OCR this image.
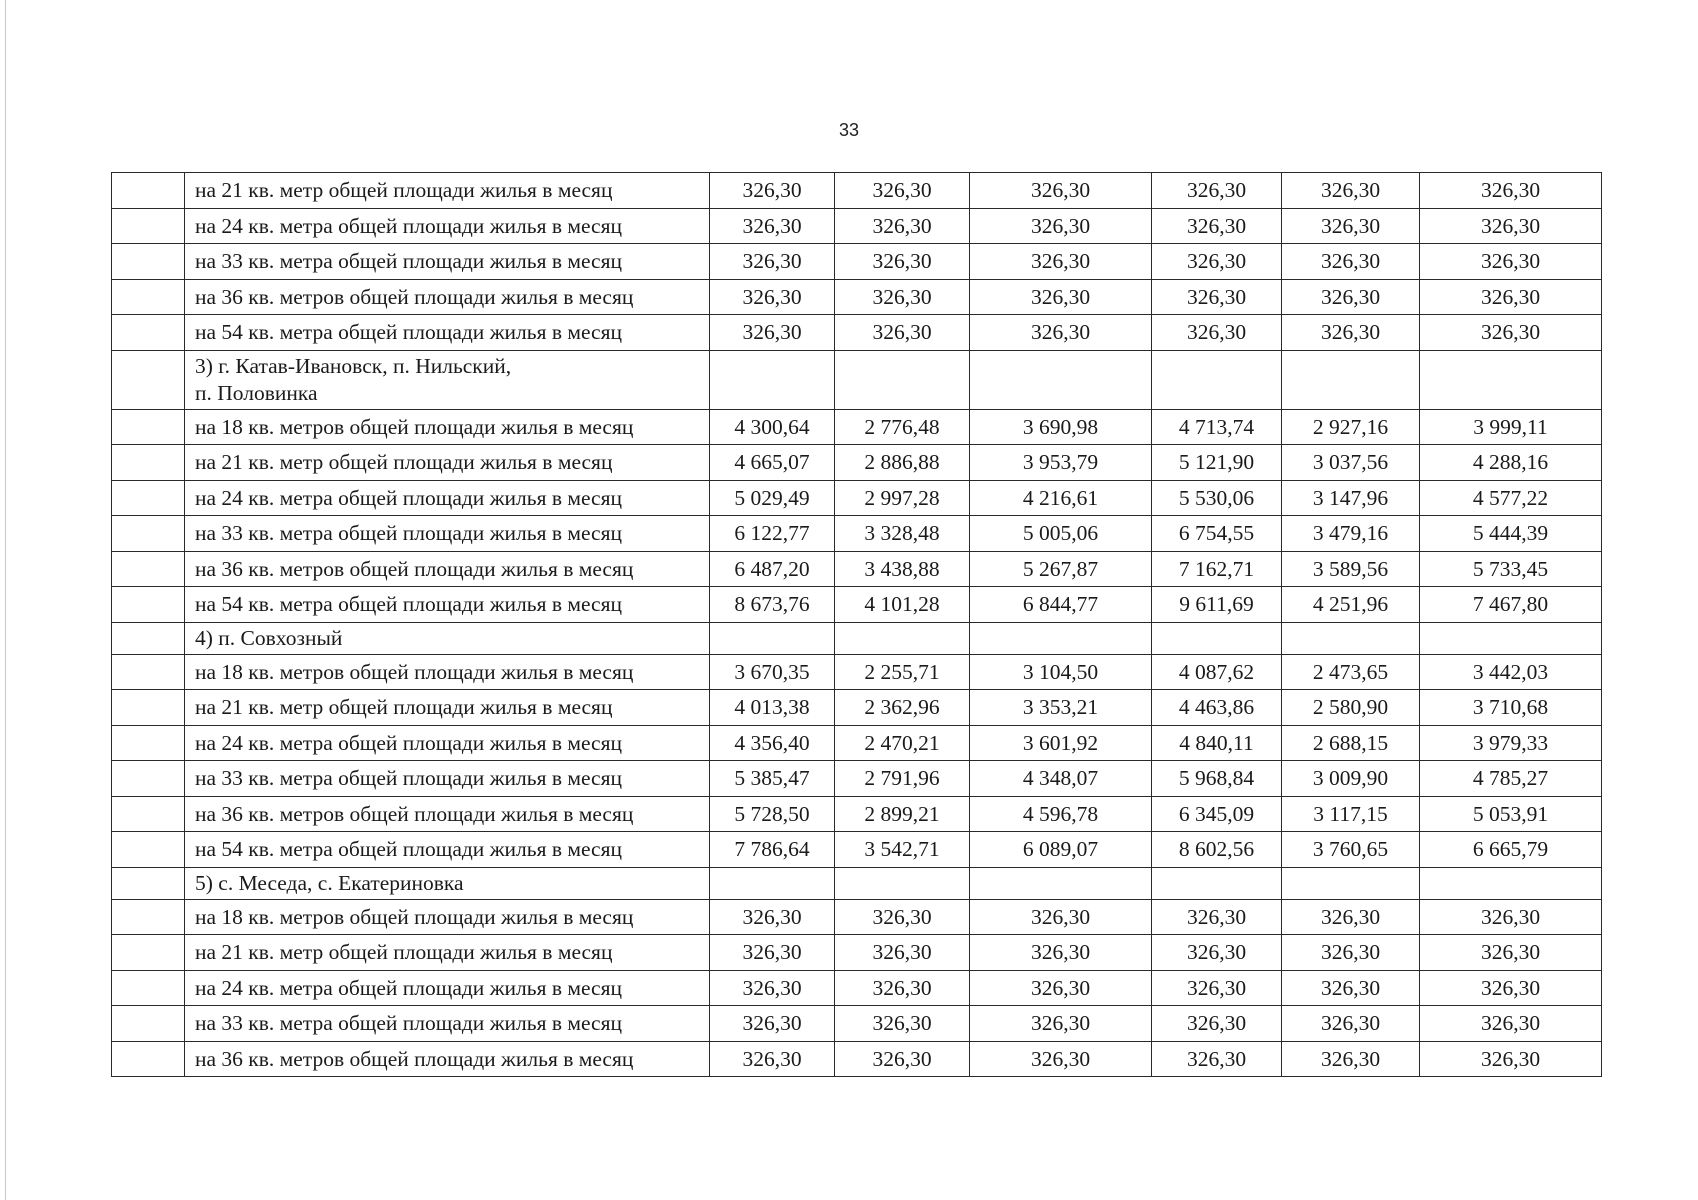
33
	на 21 кв. метр общей площади жилья в месяц	326,30	326,30	326,30	326,30	326,30	326,30
	на 24 кв. метра общей площади жилья в месяц	326,30	326,30	326,30	326,30	326,30	326,30
	на 33 кв. метра общей площади жилья в месяц	326,30	326,30	326,30	326,30	326,30	326,30
	на 36 кв. метров общей площади жилья в месяц	326,30	326,30	326,30	326,30	326,30	326,30
	на 54 кв. метра общей площади жилья в месяц	326,30	326,30	326,30	326,30	326,30	326,30

	3) г. Катав-Ивановск, п. Нильский,
п. Половинка						

	на 18 кв. метров общей площади жилья в месяц	4 300,64	2 776,48	3 690,98	4 713,74	2 927,16	3 999,11
	на 21 кв. метр общей площади жилья в месяц	4 665,07	2 886,88	3 953,79	5 121,90	3 037,56	4 288,16
	на 24 кв. метра общей площади жилья в месяц	5 029,49	2 997,28	4 216,61	5 530,06	3 147,96	4 577,22
	на 33 кв. метра общей площади жилья в месяц	6 122,77	3 328,48	5 005,06	6 754,55	3 479,16	5 444,39
	на 36 кв. метров общей площади жилья в месяц	6 487,20	3 438,88	5 267,87	7 162,71	3 589,56	5 733,45
	на 54 кв. метра общей площади жилья в месяц	8 673,76	4 101,28	6 844,77	9 611,69	4 251,96	7 467,80

	4) п. Совхозный						

	на 18 кв. метров общей площади жилья в месяц	3 670,35	2 255,71	3 104,50	4 087,62	2 473,65	3 442,03
	на 21 кв. метр общей площади жилья в месяц	4 013,38	2 362,96	3 353,21	4 463,86	2 580,90	3 710,68
	на 24 кв. метра общей площади жилья в месяц	4 356,40	2 470,21	3 601,92	4 840,11	2 688,15	3 979,33
	на 33 кв. метра общей площади жилья в месяц	5 385,47	2 791,96	4 348,07	5 968,84	3 009,90	4 785,27
	на 36 кв. метров общей площади жилья в месяц	5 728,50	2 899,21	4 596,78	6 345,09	3 117,15	5 053,91
	на 54 кв. метра общей площади жилья в месяц	7 786,64	3 542,71	6 089,07	8 602,56	3 760,65	6 665,79

	5) с. Меседа, с. Екатериновка						

	на 18 кв. метров общей площади жилья в месяц	326,30	326,30	326,30	326,30	326,30	326,30
	на 21 кв. метр общей площади жилья в месяц	326,30	326,30	326,30	326,30	326,30	326,30
	на 24 кв. метра общей площади жилья в месяц	326,30	326,30	326,30	326,30	326,30	326,30
	на 33 кв. метра общей площади жилья в месяц	326,30	326,30	326,30	326,30	326,30	326,30
	на 36 кв. метров общей площади жилья в месяц	326,30	326,30	326,30	326,30	326,30	326,30
